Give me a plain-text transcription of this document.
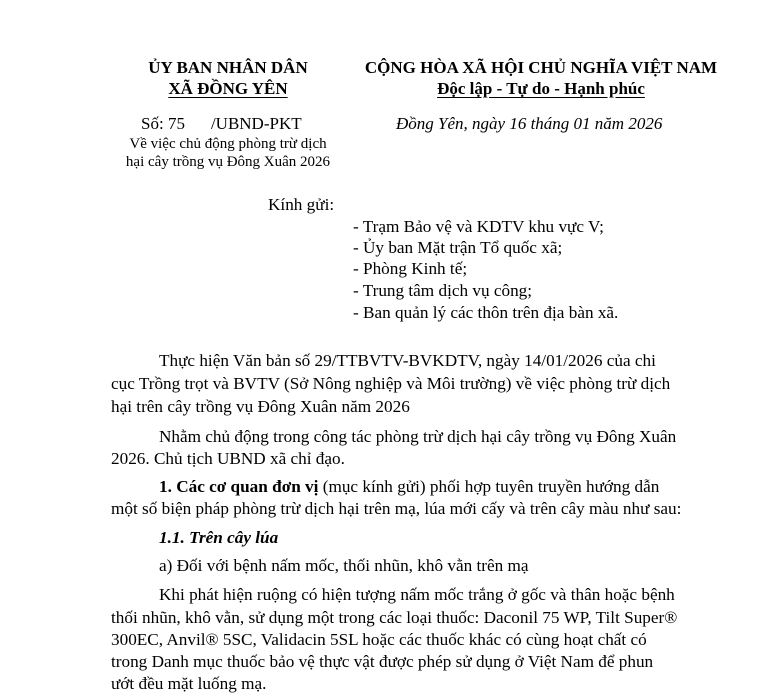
ỦY BAN NHÂN DÂN
XÃ ĐỒNG YÊN
CỘNG HÒA XÃ HỘI CHỦ NGHĨA VIỆT NAM
Độc lập - Tự do - Hạnh phúc
Số: 75 /UBND-PKT
Về việc chủ động phòng trừ dịch
hại cây trồng vụ Đông Xuân 2026
Đồng Yên, ngày 16 tháng 01 năm 2026
Kính gửi:
- Trạm Bảo vệ và KDTV khu vực V;
- Ủy ban Mặt trận Tổ quốc xã;
- Phòng Kinh tế;
- Trung tâm dịch vụ công;
- Ban quản lý các thôn trên địa bàn xã.
Thực hiện Văn bản số 29/TTBVTV-BVKDTV, ngày 14/01/2026 của chi
cục Trồng trọt và BVTV (Sở Nông nghiệp và Môi trường) về việc phòng trừ dịch
hại trên cây trồng vụ Đông Xuân năm 2026
Nhằm chủ động trong công tác phòng trừ dịch hại cây trồng vụ Đông Xuân
2026. Chủ tịch UBND xã chỉ đạo.
1. Các cơ quan đơn vị (mục kính gửi) phối hợp tuyên truyền hướng dẫn
một số biện pháp phòng trừ dịch hại trên mạ, lúa mới cấy và trên cây màu như sau:
1.1. Trên cây lúa
a) Đối với bệnh nấm mốc, thối nhũn, khô vằn trên mạ
Khi phát hiện ruộng có hiện tượng nấm mốc trắng ở gốc và thân hoặc bệnh
thối nhũn, khô vằn, sử dụng một trong các loại thuốc: Daconil 75 WP, Tilt Super®
300EC, Anvil® 5SC, Validacin 5SL hoặc các thuốc khác có cùng hoạt chất có
trong Danh mục thuốc bảo vệ thực vật được phép sử dụng ở Việt Nam để phun
ướt đều mặt luống mạ.
